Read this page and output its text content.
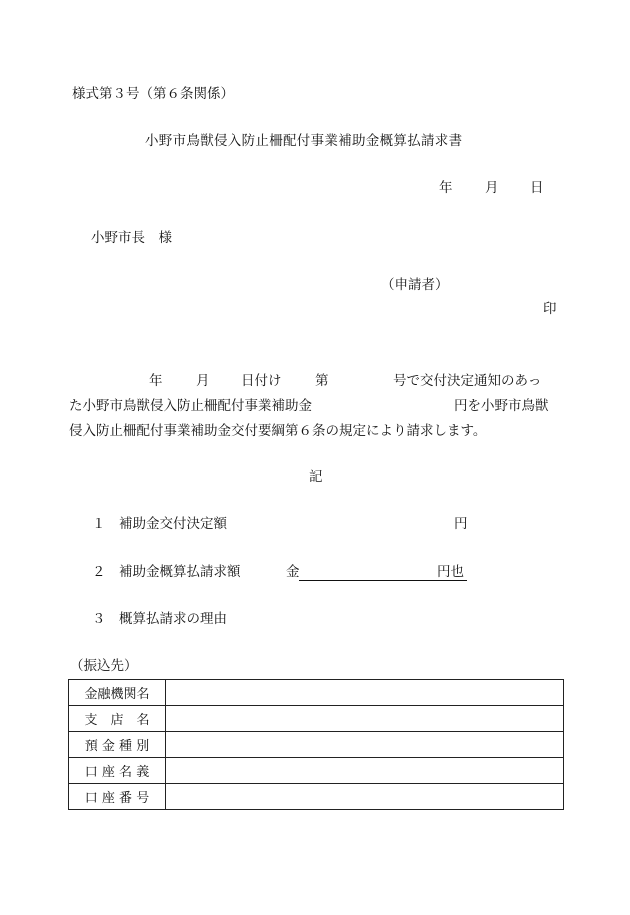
様式第３号（第６条関係）
小野市鳥獣侵入防止柵配付事業補助金概算払請求書
年 月 日
小野市長　様
（申請者）
印
年 月 日付け 第	号で交付決定通知のあっ
た小野市鳥獣侵入防止柵配付事業補助金	円を小野市鳥獣
侵入防止柵配付事業補助金交付要綱第６条の規定により請求します。
記
１ 補助金交付決定額	円
２ 補助金概算払請求額	金	円也
３ 概算払請求の理由
（振込先）
金融機関名	
支　店　名	
預 金 種 別	
口 座 名 義	
口 座 番 号	
